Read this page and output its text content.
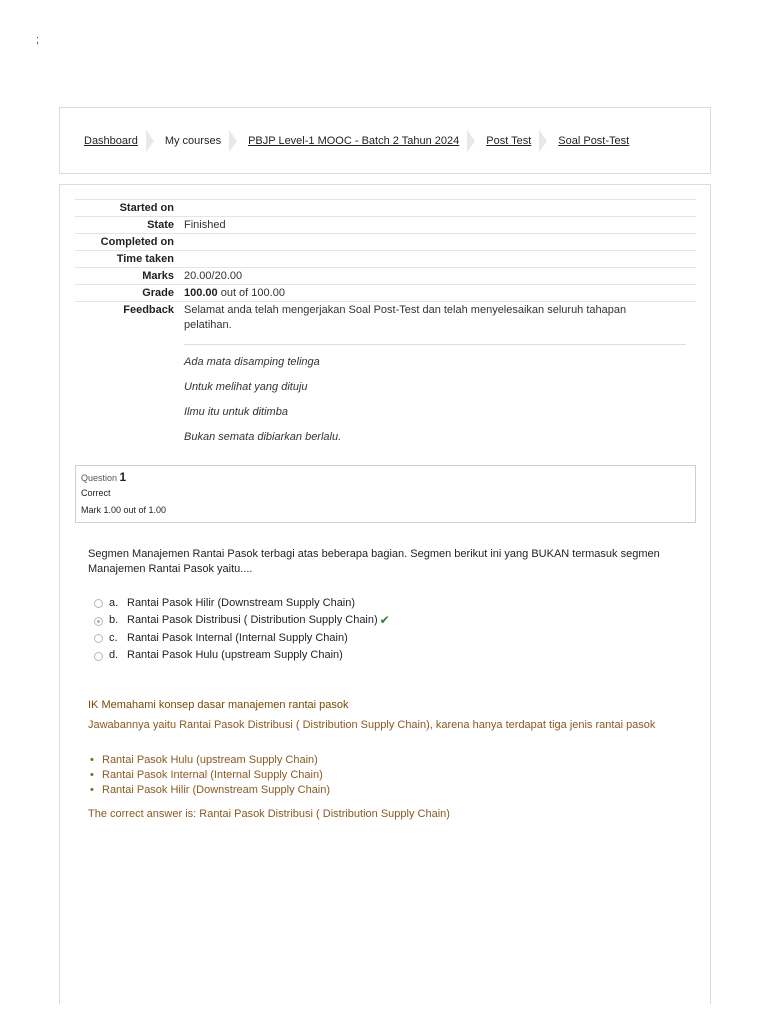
;
Dashboard My courses PBJP Level-1 MOOC - Batch 2 Tahun 2024 Post Test Soal Post-Test
Started on
State Finished
Completed on
Time taken
Marks 20.00/20.00
Grade 100.00 out of 100.00
Feedback Selamat anda telah mengerjakan Soal Post-Test dan telah menyelesaikan seluruh tahapan pelatihan.
Ada mata disamping telinga
Untuk melihat yang dituju
Ilmu itu untuk ditimba
Bukan semata dibiarkan berlalu.
Question 1
Correct
Mark 1.00 out of 1.00
Segmen Manajemen Rantai Pasok terbagi atas beberapa bagian. Segmen berikut ini yang BUKAN termasuk segmen Manajemen Rantai Pasok yaitu....
a. Rantai Pasok Hilir (Downstream Supply Chain)
b. Rantai Pasok Distribusi ( Distribution Supply Chain) ✔
c. Rantai Pasok Internal (Internal Supply Chain)
d. Rantai Pasok Hulu (upstream Supply Chain)
IK Memahami konsep dasar manajemen rantai pasok
Jawabannya yaitu Rantai Pasok Distribusi ( Distribution Supply Chain), karena hanya terdapat tiga jenis rantai pasok
• Rantai Pasok Hulu (upstream Supply Chain)
• Rantai Pasok Internal (Internal Supply Chain)
• Rantai Pasok Hilir (Downstream Supply Chain)
The correct answer is: Rantai Pasok Distribusi ( Distribution Supply Chain)
